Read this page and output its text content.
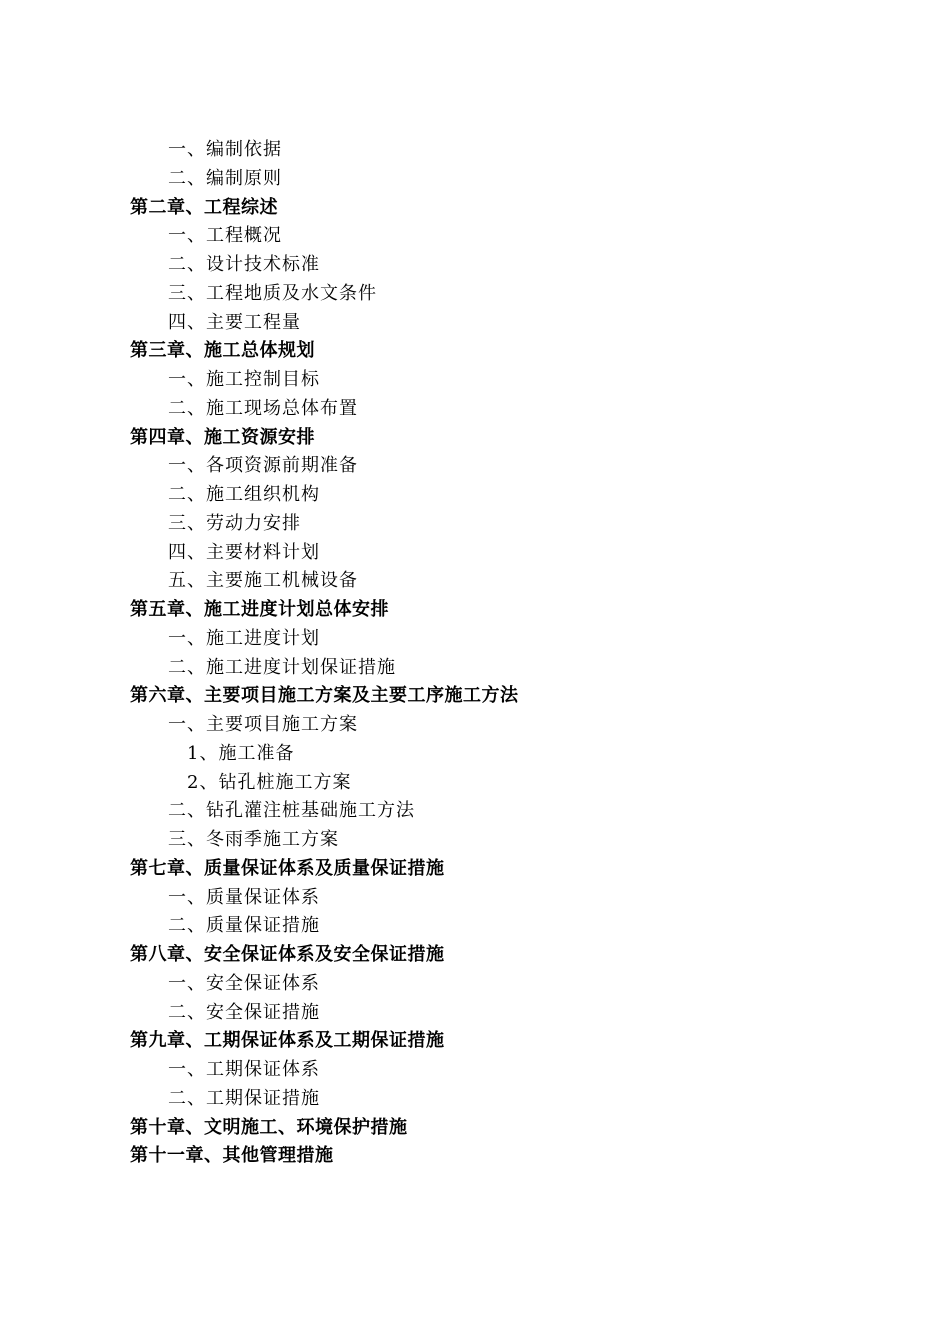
一、编制依据
二、编制原则
第二章、工程综述
一、工程概况
二、设计技术标准
三、工程地质及水文条件
四、主要工程量
第三章、施工总体规划
一、施工控制目标
二、施工现场总体布置
第四章、施工资源安排
一、各项资源前期准备
二、施工组织机构
三、劳动力安排
四、主要材料计划
五、主要施工机械设备
第五章、施工进度计划总体安排
一、施工进度计划
二、施工进度计划保证措施
第六章、主要项目施工方案及主要工序施工方法
一、主要项目施工方案
1、施工准备
2、钻孔桩施工方案
二、钻孔灌注桩基础施工方法
三、冬雨季施工方案
第七章、质量保证体系及质量保证措施
一、质量保证体系
二、质量保证措施
第八章、安全保证体系及安全保证措施
一、安全保证体系
二、安全保证措施
第九章、工期保证体系及工期保证措施
一、工期保证体系
二、工期保证措施
第十章、文明施工、环境保护措施
第十一章、其他管理措施
